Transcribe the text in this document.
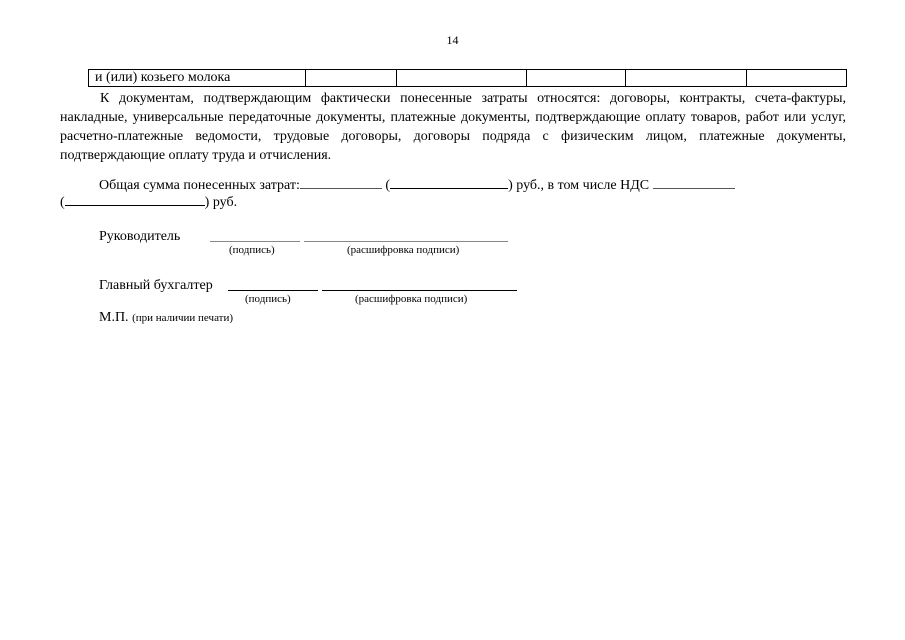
14
и (или) козьего молока					

К документам, подтверждающим фактически понесенные затраты относятся: договоры, контракты, счета-фактуры, накладные, универсальные передаточные документы, платежные документы, подтверждающие оплату товаров, работ или услуг, расчетно-платежные ведомости, трудовые договоры, договоры подряда с физическим лицом, платежные документы, подтверждающие оплату труда и отчисления.

Общая сумма понесенных затрат:	(	) руб., в том числе НДС
(	) руб.
Руководитель
(подпись)	(расшифровка подписи)
Главный бухгалтер
(подпись)	(расшифровка подписи)
М.П. (при наличии печати)
